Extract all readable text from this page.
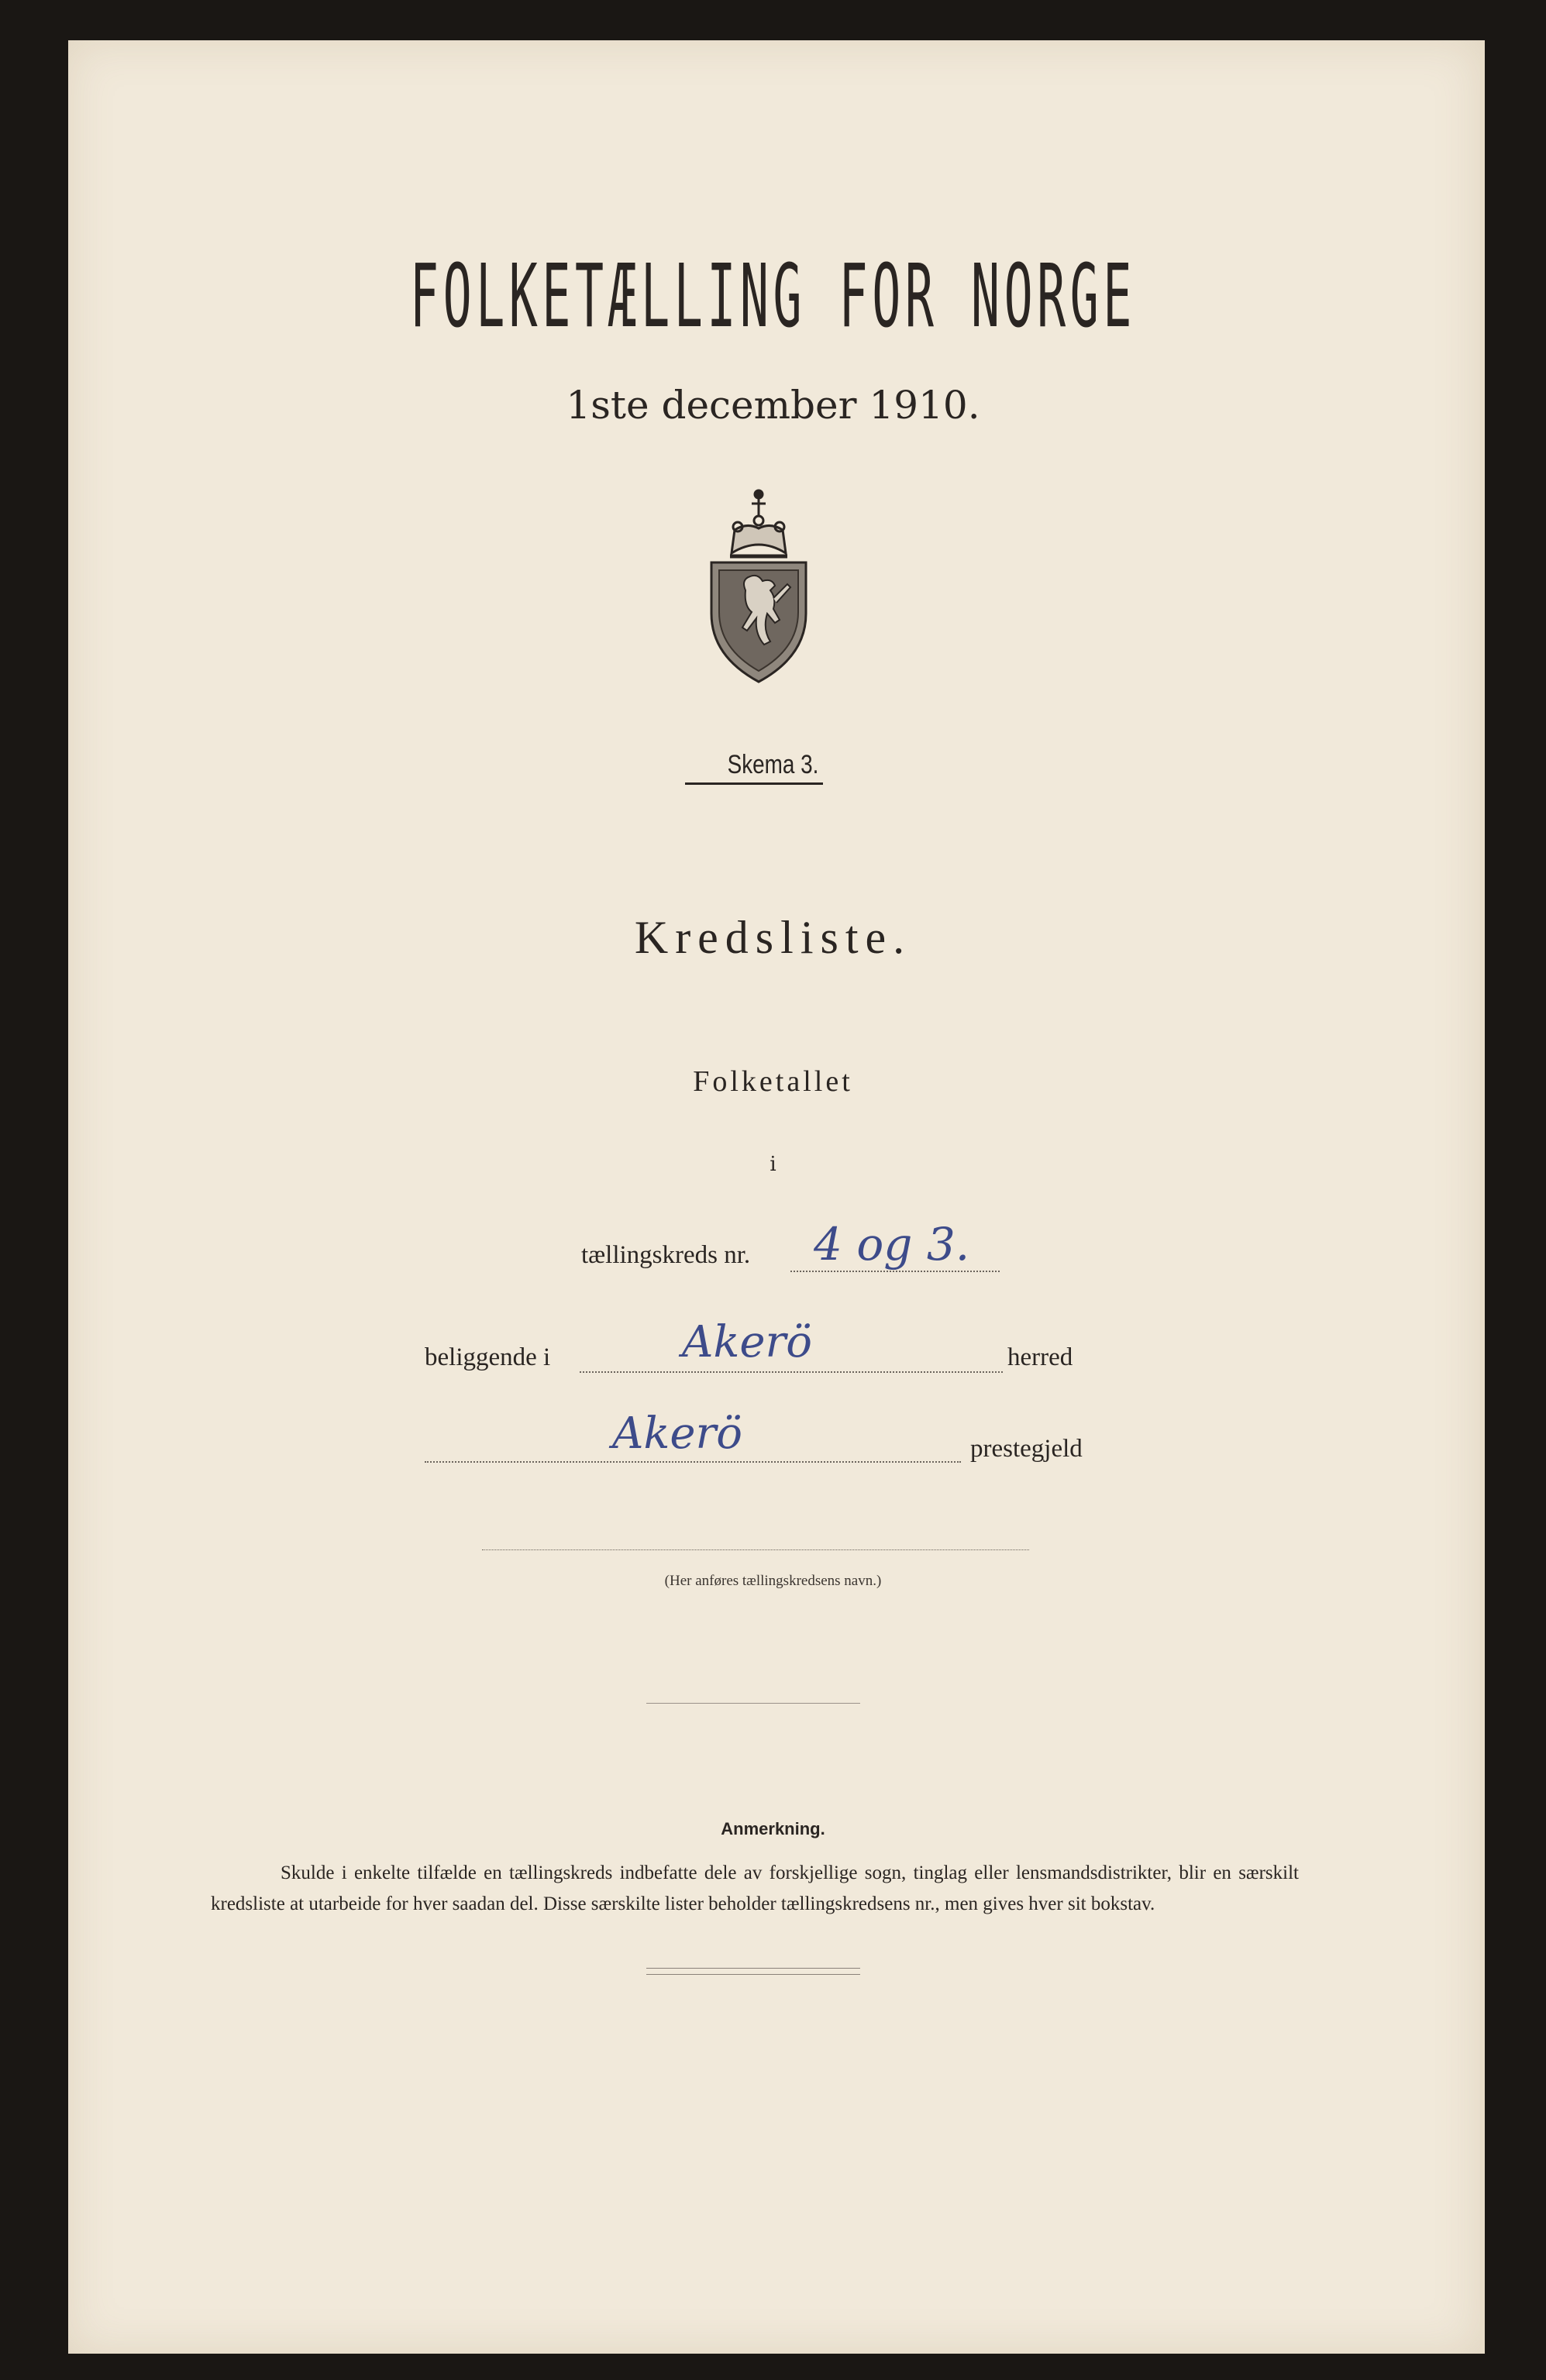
FOLKETÆLLING FOR NORGE
1ste december 1910.
Skema 3.
Kredsliste.
Folketallet
i
tællingskreds nr. 4 og 3.
beliggende i	Akerö	herred
Akerö	prestegjeld
(Her anføres tællingskredsens navn.)
Anmerkning.
Skulde i enkelte tilfælde en tællingskreds indbefatte dele av forskjellige sogn, tinglag eller lensmandsdistrikter, blir en særskilt kredsliste at utarbeide for hver saadan del. Disse særskilte lister beholder tællingskredsens nr., men gives hver sit bokstav.
